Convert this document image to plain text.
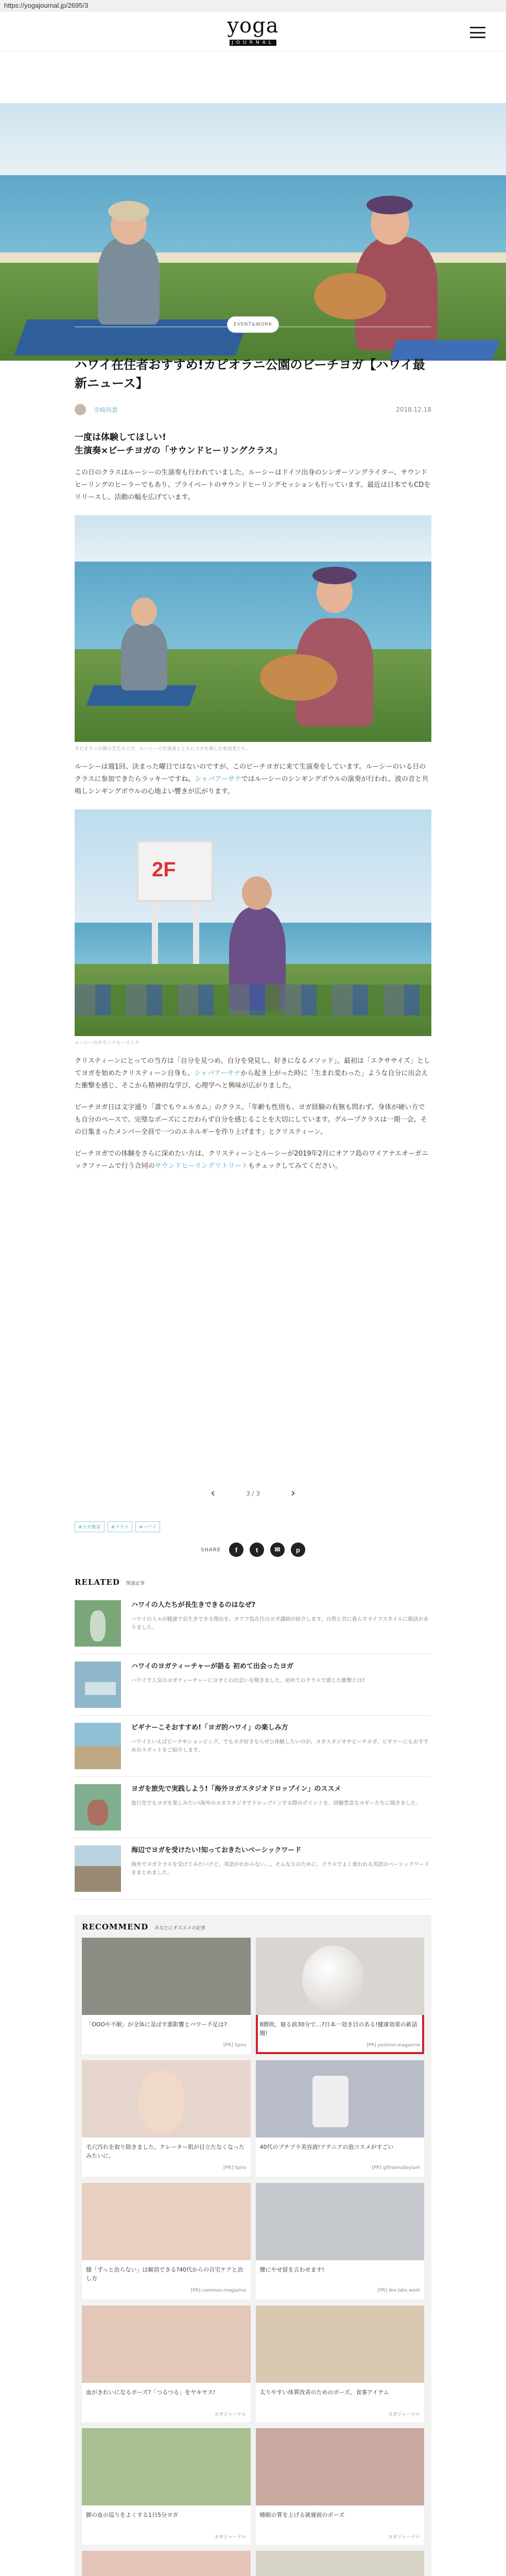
https://yogajournal.jp/2695/3
yoga
JOURNAL
EVENT&WORK
ハワイ在住者おすすめ!カピオラニ公園のビーチヨガ【ハワイ最新ニュース】
寺崎尚貴	2018.12.18
一度は体験してほしい!
生演奏×ビーチヨガの「サウンドヒーリングクラス」

この日のクラスはルーシーの生演奏も行われていました。ルーシーはドイツ出身のシンガーソングライター、サウンドヒーリングのヒーラーでもあり、プライベートのサウンドヒーリングセッションも行っています。最近は日本でもCDをリリースし、活動の幅を広げています。

カピオラニ公園の芝生の上で、ルーシーの生演奏とともにヨガを楽しむ参加者たち。

ルーシーは週1回、決まった曜日ではないのですが、このビーチヨガに来て生演奏をしています。ルーシーのいる日のクラスに参加できたらラッキーですね。シャバアーサナではルーシーのシンギングボウルの演奏が行われ、波の音と共鳴しシンギングボウルの心地よい響きが広がります。

2F
ルーシーのサウンドヒーリング

クリスティーンにとっての当方は「自分を見つめ、自分を発見し、好きになるメソッド」。最初は「エクササイズ」としてヨガを始めたクリスティーン自身も、シャバアーサナから起き上がった時に「生まれ変わった」ような自分に出会えた衝撃を感じ、そこから精神的な学び、心理学へと興味が広がりました。

ビーチヨガ日は文字通り「誰でもウェルカム」のクラス。「年齢も性別も、ヨガ経験の有無も問わず、身体が硬い方でも自分のペースで、完璧なポーズにこだわらず自分を感じることを大切にしています。グループクラスは一期一会。その日集まったメンバー全員で一つのエネルギーを作り上げます」とクリスティーン。

ビーチヨガでの体験をさらに深めたい方は、クリスティーンとルーシーが2019年2月にオアフ島のワイアナエオーガニックファームで行う合同のサウンドヒーリングリトリートもチェックしてみてください。

‹	3 / 3	›
#ヨガ教室	#クラス	#ハワイ
SHARE	f	t	✉	p
RELATED 関連記事
ハワイの人たちが長生きできるのはなぜ?
ハワイの人々が健康で長生きできる理由を、オアフ島在住のヨガ講師が紹介します。自然と共に暮らすライフスタイルに秘訣がありました。
ハワイのヨガティーチャーが語る 初めて出会ったヨガ
ハワイで人気のヨガティーチャーにヨガとの出会いを聞きました。初めてのクラスで感じた衝撃とは?
ビギナーこそおすすめ!「ヨガ的ハワイ」の楽しみ方
ハワイといえばビーチやショッピング。でもヨガ好きならぜひ体験したいのが、ヨガスタジオやビーチヨガ。ビギナーにもおすすめのスポットをご紹介します。
ヨガを旅先で実践しよう!「海外ヨガスタジオドロップイン」のススメ
旅行先でもヨガを楽しみたい!海外のヨガスタジオでドロップインする際のポイントを、経験豊富なヨギーたちに聞きました。
海辺でヨガを受けたい!知っておきたいベーシックワード
海外でヨガクラスを受けてみたいけど、英語がわからない…。そんな方のために、クラスでよく使われる英語のベーシックワードをまとめました。
RECOMMEND あなたにオススメの記事
「OOOや不眠」が全体に及ぼす悪影響とパワー不足は?
[PR] Spiro
8勝敗、寝る前30分で…?日本一効き目のある!健康効果の新話題!
[PR] yoshino-magazine
毛穴汚れを取り除きました。クレーター肌が目立たなくなったみたいに、
[PR] Spiro
40代のプチプラ美容液!アテニアの泡コスメがすごい
[PR] gifinomalleylam
膝「ずっと治らない」は解消できる?40代からの自宅ケアと治し方
[PR] common-magazine
腰にやせ留を言わせます!
[PR] dre-labs.work
血がきれいになるポーズ?「つるつる」をヤキヤス!
ヨガジャーナル
太りやすい体質改善のためのポーズ。食事アイテム
ヨガジャーナル
脚の血の巡りをよくする1日5分ヨガ
ヨガジャーナル
睡眠の質を上げる就寝前のポーズ
ヨガジャーナル
